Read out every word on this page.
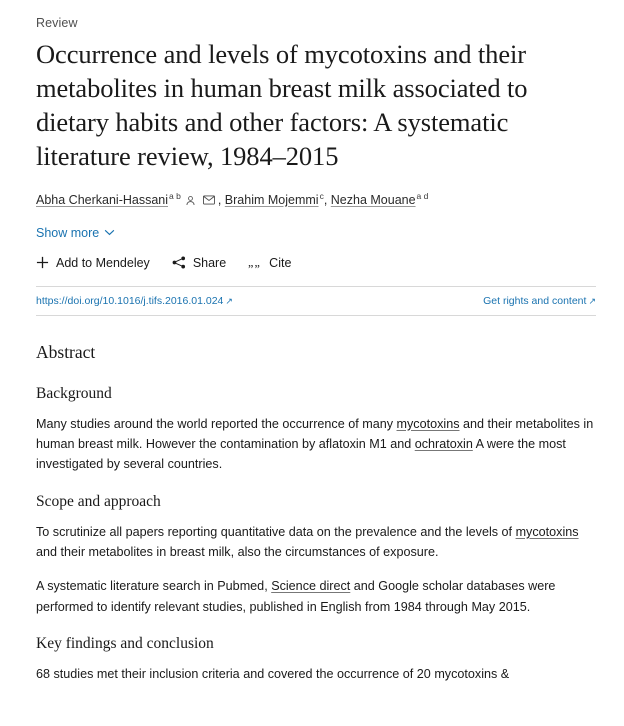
Review
Occurrence and levels of mycotoxins and their metabolites in human breast milk associated to dietary habits and other factors: A systematic literature review, 1984–2015
Abha Cherkani-Hassani$^{a b}$	, Brahim Mojemmi$^c$, Nezha Mouane$^{a d}$
Show more
Add to Mendeley	Share „ „ Cite
https://doi.org/10.1016/j.tifs.2016.01.024 ↗	Get rights and content ↗
Abstract
Background

Many studies around the world reported the occurrence of many mycotoxins and their metabolites in human breast milk. However the contamination by aflatoxin M1 and ochratoxin A were the most investigated by several countries.

Scope and approach

To scrutinize all papers reporting quantitative data on the prevalence and the levels of mycotoxins and their metabolites in breast milk, also the circumstances of exposure.

A systematic literature search in Pubmed, Science direct and Google scholar databases were performed to identify relevant studies, published in English from 1984 through May 2015.

Key findings and conclusion

68 studies met their inclusion criteria and covered the occurrence of 20 mycotoxins &
